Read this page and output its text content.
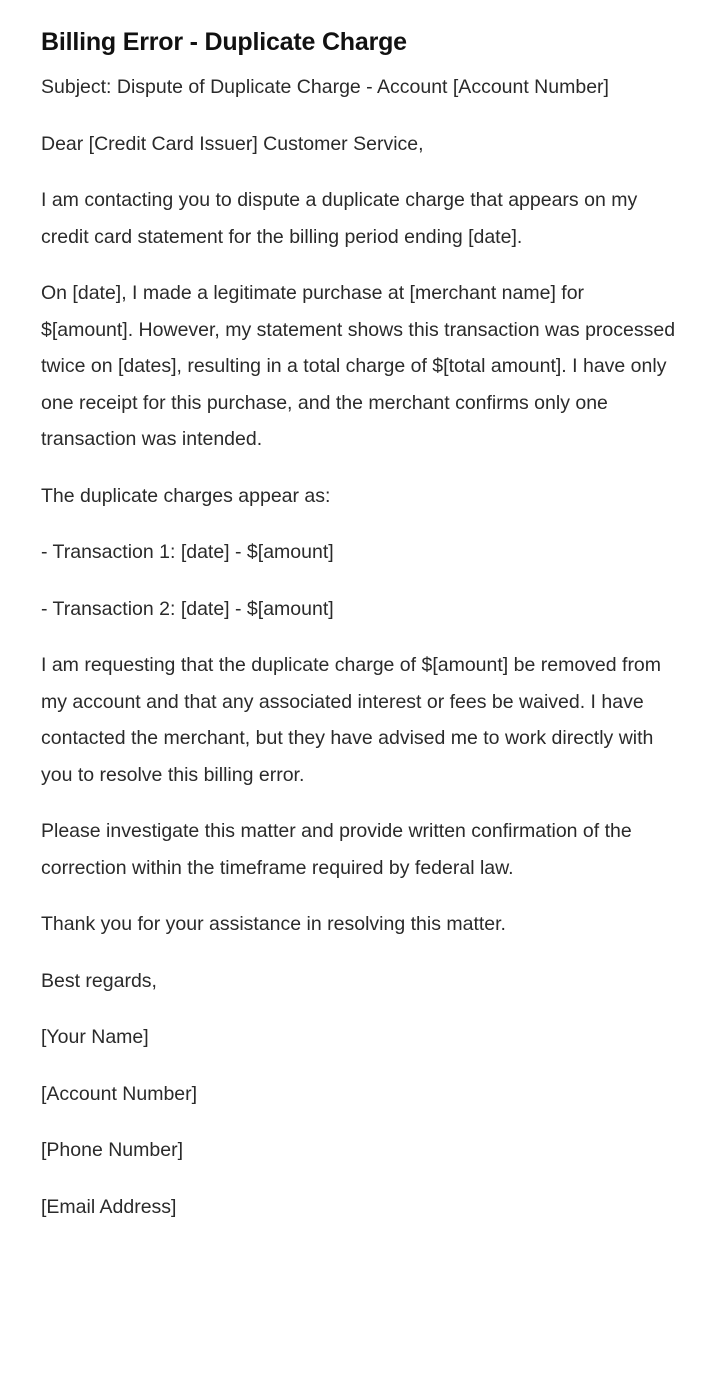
Billing Error - Duplicate Charge

Subject: Dispute of Duplicate Charge - Account [Account Number]

Dear [Credit Card Issuer] Customer Service,

I am contacting you to dispute a duplicate charge that appears on my credit card statement for the billing period ending [date].

On [date], I made a legitimate purchase at [merchant name] for $[amount]. However, my statement shows this transaction was processed twice on [dates], resulting in a total charge of $[total amount]. I have only one receipt for this purchase, and the merchant confirms only one transaction was intended.

The duplicate charges appear as:

- Transaction 1: [date] - $[amount]

- Transaction 2: [date] - $[amount]

I am requesting that the duplicate charge of $[amount] be removed from my account and that any associated interest or fees be waived. I have contacted the merchant, but they have advised me to work directly with you to resolve this billing error.

Please investigate this matter and provide written confirmation of the correction within the timeframe required by federal law.

Thank you for your assistance in resolving this matter.

Best regards,

[Your Name]

[Account Number]

[Phone Number]

[Email Address]
